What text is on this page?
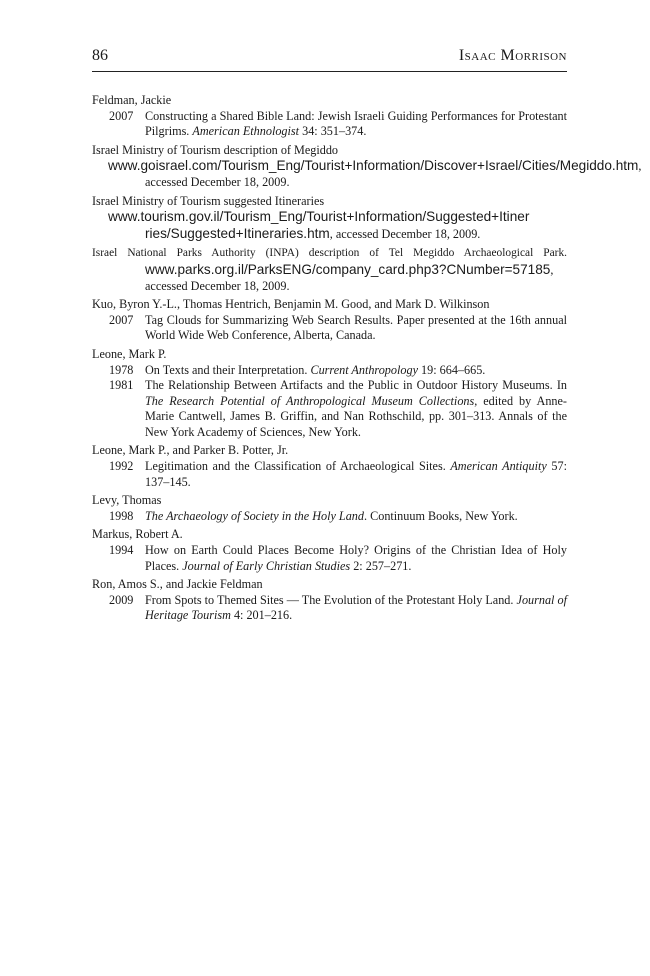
86	Isaac Morrison
Feldman, Jackie
2007 Constructing a Shared Bible Land: Jewish Israeli Guiding Performances for Protestant Pilgrims. American Ethnologist 34: 351–374.
Israel Ministry of Tourism description of Megiddo
www.goisrael.com/Tourism_Eng/Tourist+Information/Discover+Israel/Cities/Megiddo.htm, accessed December 18, 2009.
Israel Ministry of Tourism suggested Itineraries
www.tourism.gov.il/Tourism_Eng/Tourist+Information/Suggested+Itiner ries/Suggested+Itineraries.htm, accessed December 18, 2009.
Israel National Parks Authority (INPA) description of Tel Megiddo Archaeological Park. www.parks.org.il/ParksENG/company_card.php3?CNumber=57185, accessed December 18, 2009.
Kuo, Byron Y.-L., Thomas Hentrich, Benjamin M. Good, and Mark D. Wilkinson
2007 Tag Clouds for Summarizing Web Search Results. Paper presented at the 16th annual World Wide Web Conference, Alberta, Canada.
Leone, Mark P.
1978 On Texts and their Interpretation. Current Anthropology 19: 664–665.
1981 The Relationship Between Artifacts and the Public in Outdoor History Museums. In The Research Potential of Anthropological Museum Collections, edited by Anne-Marie Cantwell, James B. Griffin, and Nan Rothschild, pp. 301–313. Annals of the New York Academy of Sciences, New York.
Leone, Mark P., and Parker B. Potter, Jr.
1992 Legitimation and the Classification of Archaeological Sites. American Antiquity 57: 137–145.
Levy, Thomas
1998 The Archaeology of Society in the Holy Land. Continuum Books, New York.
Markus, Robert A.
1994 How on Earth Could Places Become Holy? Origins of the Christian Idea of Holy Places. Journal of Early Christian Studies 2: 257–271.
Ron, Amos S., and Jackie Feldman
2009 From Spots to Themed Sites — The Evolution of the Protestant Holy Land. Journal of Heritage Tourism 4: 201–216.
